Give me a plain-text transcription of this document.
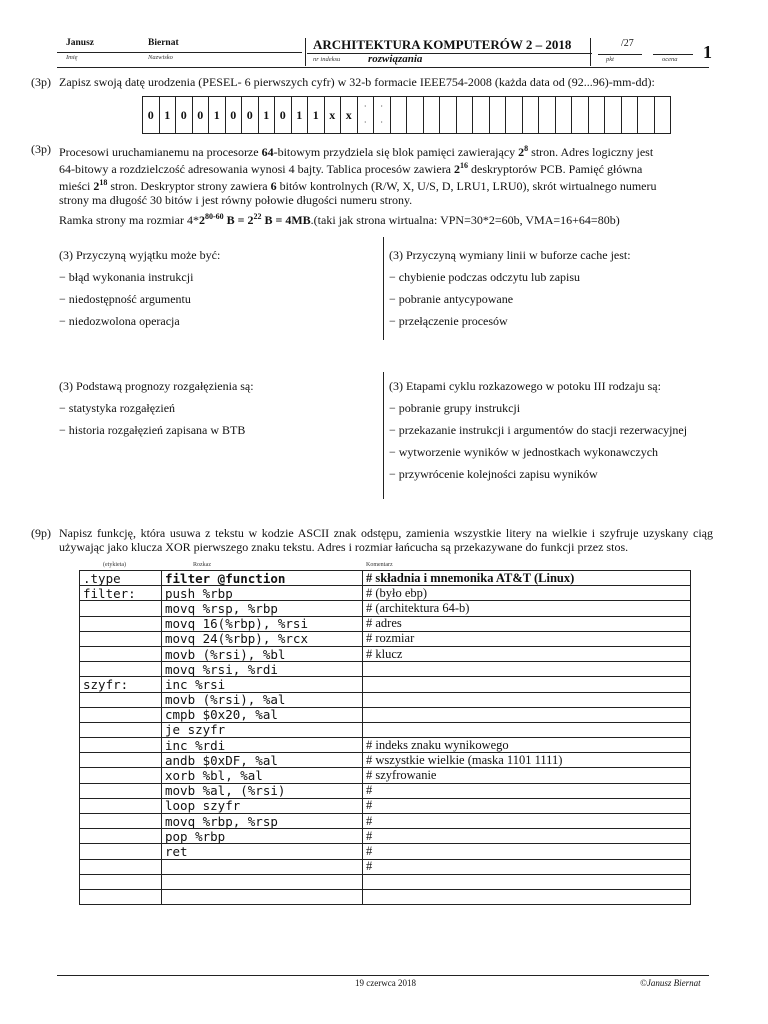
Janusz	Biernat
Imię	Nazwisko
ARCHITEKTURA KOMPUTERÓW 2 – 2018
nr indeksu	rozwiązania
/27
pkt	ocena 1
(3p) Zapisz swoją datę urodzenia (PESEL- 6 pierwszych cyfr) w 32-b formacie IEEE754-2008 (każda data od (92...96)-mm-dd):
0	1	0	0	1	0	0	1	0	1	1	x	x	·

·	·

·																	
(3p) Procesowi uruchamianemu na procesorze 64-bitowym przydziela się blok pamięci zawierający $2^8$ stron. Adres logiczny jest
64-bitowy a rozdzielczość adresowania wynosi 4 bajty. Tablica procesów zawiera $2^{16}$ deskryptorów PCB. Pamięć główna
mieści $2^{18}$ stron. Deskryptor strony zawiera 6 bitów kontrolnych (R/W, X, U/S, D, LRU1, LRU0), skrót wirtualnego numeru
strony ma długość 30 bitów i jest równy połowie długości numeru strony.
Ramka strony ma rozmiar 4*2$^{80-60}$ $B = 2^{22}$ B = 4MB.(taki jak strona wirtualna: VPN=30*2=60b, VMA=16+64=80b)
(3) Przyczyną wyjątku może być:
− błąd wykonania instrukcji
− niedostępność argumentu
− niedozwolona operacja
(3) Przyczyną wymiany linii w buforze cache jest:
− chybienie podczas odczytu lub zapisu
− pobranie antycypowane
− przełączenie procesów
(3) Podstawą prognozy rozgałęzienia są:
− statystyka rozgałęzień
− historia rozgałęzień zapisana w BTB
(3) Etapami cyklu rozkazowego w potoku III rodzaju są:
− pobranie grupy instrukcji
− przekazanie instrukcji i argumentów do stacji rezerwacyjnej
− wytworzenie wyników w jednostkach wykonawczych
− przywrócenie kolejności zapisu wyników
(9p) Napisz funkcję, która usuwa z tekstu w kodzie ASCII znak odstępu, zamienia wszystkie litery na wielkie i szyfruje uzyskany ciąg używając jako klucza XOR pierwszego znaku tekstu. Adres i rozmiar łańcucha są przekazywane do funkcji przez stos.
(etykieta)	Rozkaz	Komentarz
.type	filter @function	# składnia i mnemonika AT&T (Linux)
filter:	push %rbp	# (było ebp)
	movq %rsp, %rbp	# (architektura 64-b)
	movq 16(%rbp), %rsi	# adres
	movq 24(%rbp), %rcx	# rozmiar
	movb (%rsi), %bl	# klucz
	movq %rsi, %rdi	
szyfr:	inc %rsi	
	movb (%rsi), %al	
	cmpb $0x20, %al	
	je szyfr	
	inc %rdi	# indeks znaku wynikowego
	andb $0xDF, %al	# wszystkie wielkie (maska 1101 1111)
	xorb %bl, %al	# szyfrowanie
	movb %al, (%rsi)	#
	loop szyfr	#
	movq %rbp, %rsp	#
	pop %rbp	#
	ret	#
		#

19 czerwca 2018	©Janusz Biernat
